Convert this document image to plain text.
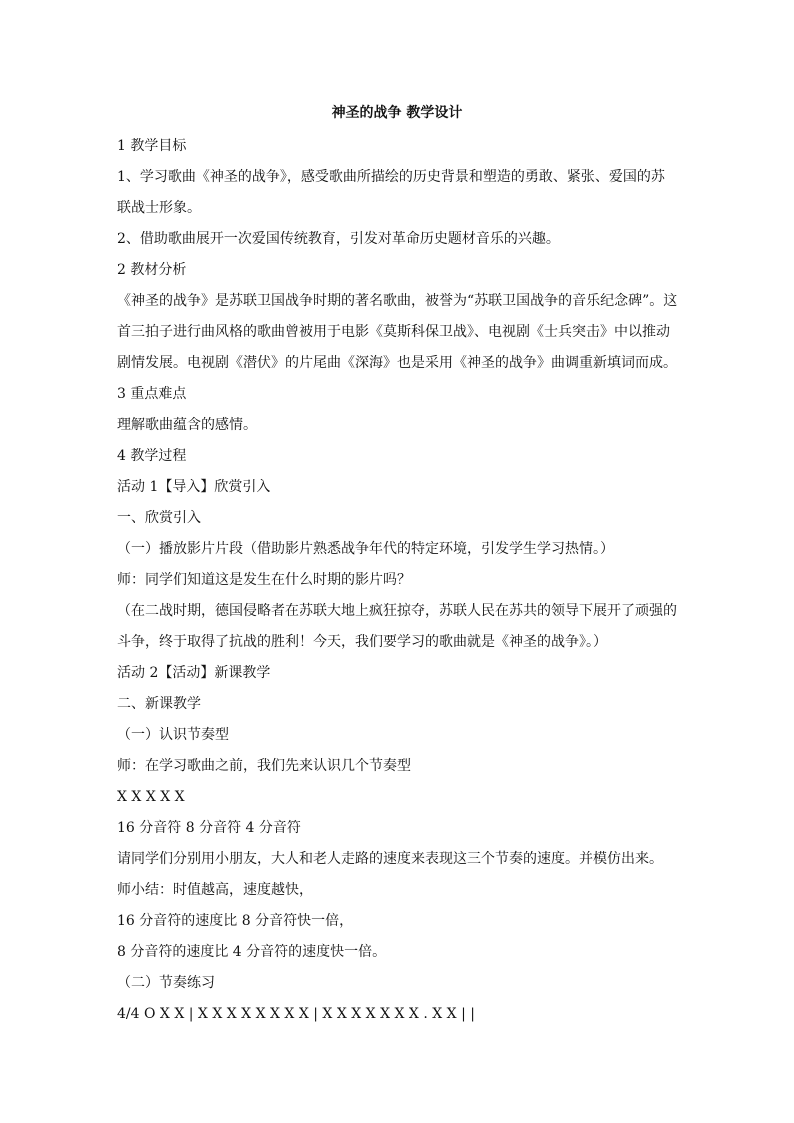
神圣的战争 教学设计
1 教学目标
1、学习歌曲《神圣的战争》，感受歌曲所描绘的历史背景和塑造的勇敢、紧张、爱国的苏
联战士形象。
2、借助歌曲展开一次爱国传统教育，引发对革命历史题材音乐的兴趣。
2 教材分析
《神圣的战争》是苏联卫国战争时期的著名歌曲，被誉为“苏联卫国战争的音乐纪念碑”。这
首三拍子进行曲风格的歌曲曾被用于电影《莫斯科保卫战》、电视剧《士兵突击》中以推动
剧情发展。电视剧《潜伏》的片尾曲《深海》也是采用《神圣的战争》曲调重新填词而成。
3 重点难点
理解歌曲蕴含的感情。
4 教学过程
活动 1【导入】欣赏引入
一、欣赏引入
（一）播放影片片段（借助影片熟悉战争年代的特定环境，引发学生学习热情。）
师：同学们知道这是发生在什么时期的影片吗？
（在二战时期，德国侵略者在苏联大地上疯狂掠夺，苏联人民在苏共的领导下展开了顽强的
斗争，终于取得了抗战的胜利！今天，我们要学习的歌曲就是《神圣的战争》。）
活动 2【活动】新课教学
二、新课教学
（一）认识节奏型
师：在学习歌曲之前，我们先来认识几个节奏型
X X X X X
16 分音符 8 分音符 4 分音符
请同学们分别用小朋友，大人和老人走路的速度来表现这三个节奏的速度。并模仿出来。
师小结：时值越高，速度越快，
16 分音符的速度比 8 分音符快一倍，
8 分音符的速度比 4 分音符的速度快一倍。
（二）节奏练习
4/4 O X X | X X X X X X X X | X X X X X X X . X X | |
